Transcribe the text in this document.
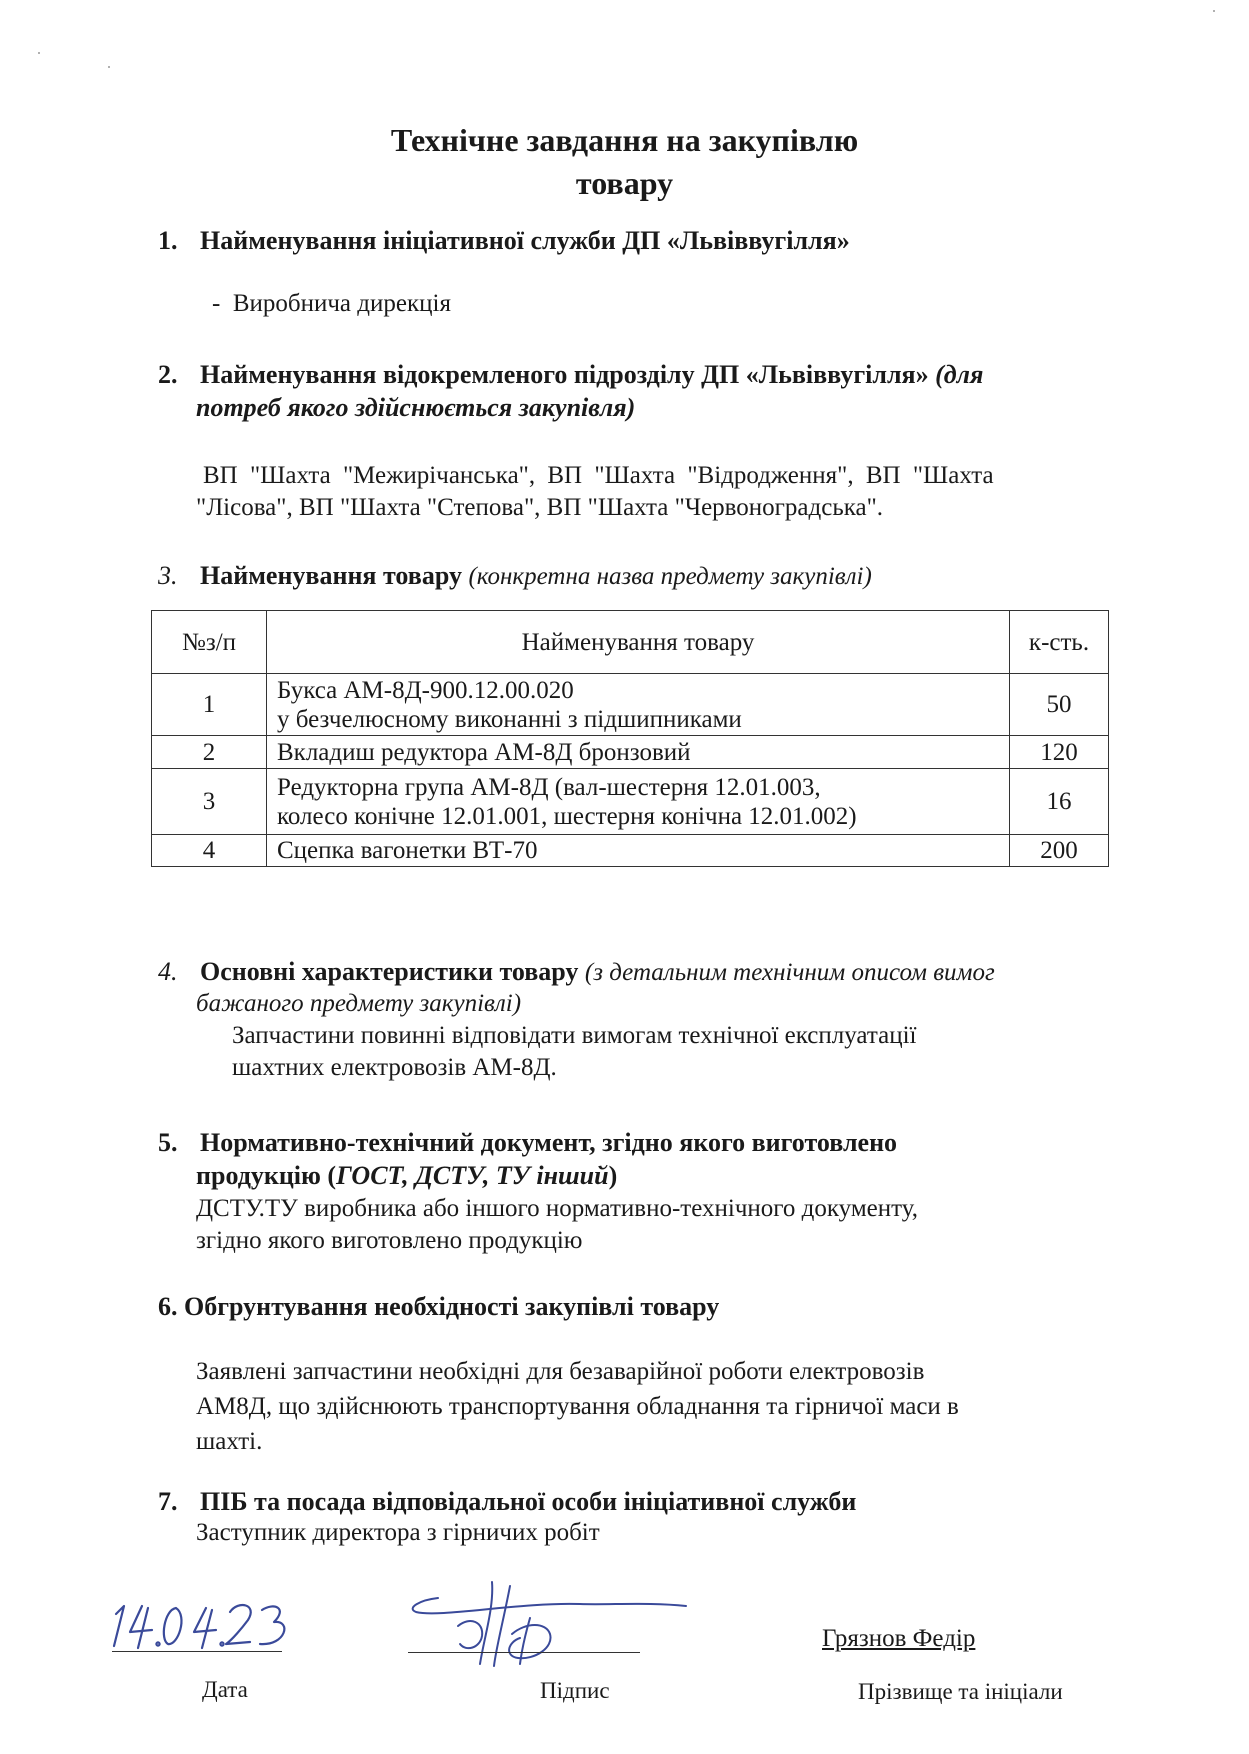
Технічне завдання на закупівлю
товару
1. Найменування ініціативної служби ДП «Львіввугілля»
- Виробнича дирекція
2. Найменування відокремленого підрозділу ДП «Львіввугілля» (для
потреб якого здійснюється закупівля)
ВП "Шахта "Межирічанська", ВП "Шахта "Відродження", ВП "Шахта
"Лісова", ВП "Шахта "Степова", ВП "Шахта "Червоноградська".
3. Найменування товару (конкретна назва предмету закупівлі)
№з/п	Найменування товару	к-сть.
1	Букса АМ-8Д-900.12.00.020
у безчелюсному виконанні з підшипниками	50
2	Вкладиш редуктора АМ-8Д бронзовий	120
3	Редукторна група АМ-8Д (вал-шестерня 12.01.003,
колесо конічне 12.01.001, шестерня конічна 12.01.002)	16
4	Сцепка вагонетки ВТ-70	200
4. Основні характеристики товару (з детальним технічним описом вимог
бажаного предмету закупівлі)
Запчастини повинні відповідати вимогам технічної експлуатації
шахтних електровозів АМ-8Д.
5. Нормативно-технічний документ, згідно якого виготовлено
продукцію (ГОСТ, ДСТУ, ТУ інший)
ДСТУ.ТУ виробника або іншого нормативно-технічного документу,
згідно якого виготовлено продукцію
6. Обгрунтування необхідності закупівлі товару
Заявлені запчастини необхідні для безаварійної роботи електровозів
АМ8Д, що здійснюють транспортування обладнання та гірничої маси в
шахті.
7. ПІБ та посада відповідальної особи ініціативної служби
Заступник директора з гірничих робіт
Грязнов Федір
Дата	Підпис	Прізвище та ініціали
